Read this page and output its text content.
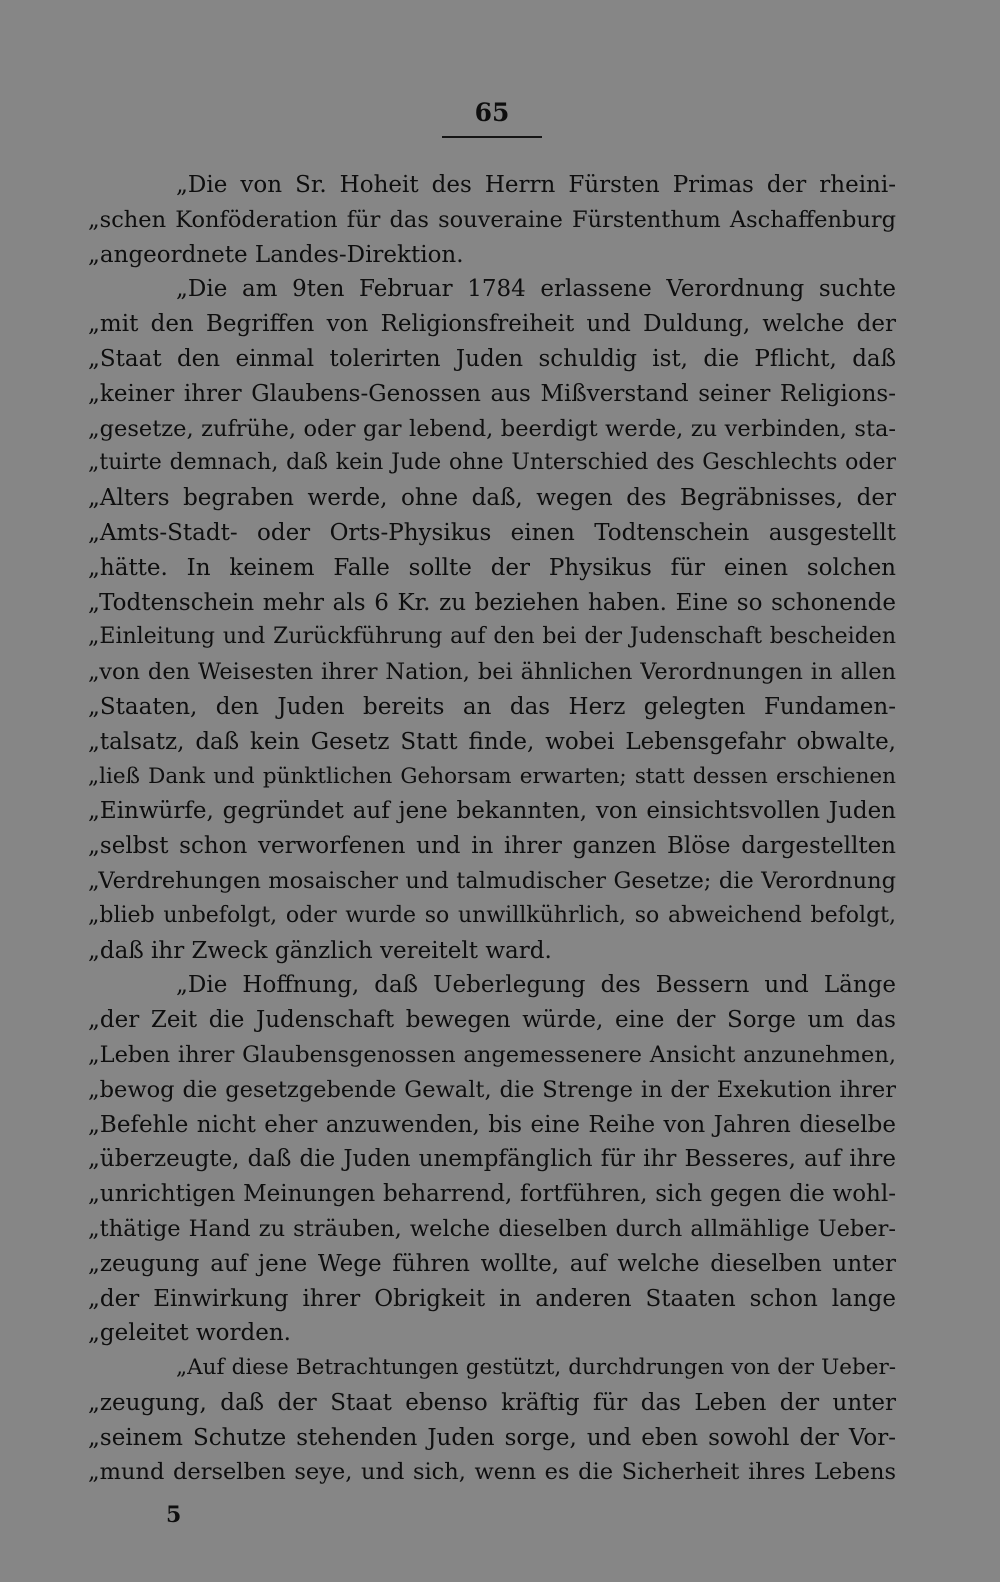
65
„Die von Sr. Hoheit des Herrn Fürsten Primas der rheini-
„schen Konföderation für das souveraine Fürstenthum Aschaffenburg
„angeordnete Landes-Direktion.
„Die am 9ten Februar 1784 erlassene Verordnung suchte
„mit den Begriffen von Religionsfreiheit und Duldung, welche der
„Staat den einmal tolerirten Juden schuldig ist, die Pflicht, daß
„keiner ihrer Glaubens-Genossen aus Mißverstand seiner Religions-
„gesetze, zufrühe, oder gar lebend, beerdigt werde, zu verbinden, sta-
„tuirte demnach, daß kein Jude ohne Unterschied des Geschlechts oder
„Alters begraben werde, ohne daß, wegen des Begräbnisses, der
„Amts-Stadt- oder Orts-Physikus einen Todtenschein ausgestellt
„hätte. In keinem Falle sollte der Physikus für einen solchen
„Todtenschein mehr als 6 Kr. zu beziehen haben. Eine so schonende
„Einleitung und Zurückführung auf den bei der Judenschaft bescheiden
„von den Weisesten ihrer Nation, bei ähnlichen Verordnungen in allen
„Staaten, den Juden bereits an das Herz gelegten Fundamen-
„talsatz, daß kein Gesetz Statt finde, wobei Lebensgefahr obwalte,
„ließ Dank und pünktlichen Gehorsam erwarten; statt dessen erschienen
„Einwürfe, gegründet auf jene bekannten, von einsichtsvollen Juden
„selbst schon verworfenen und in ihrer ganzen Blöse dargestellten
„Verdrehungen mosaischer und talmudischer Gesetze; die Verordnung
„blieb unbefolgt, oder wurde so unwillkührlich, so abweichend befolgt,
„daß ihr Zweck gänzlich vereitelt ward.
„Die Hoffnung, daß Ueberlegung des Bessern und Länge
„der Zeit die Judenschaft bewegen würde, eine der Sorge um das
„Leben ihrer Glaubensgenossen angemessenere Ansicht anzunehmen,
„bewog die gesetzgebende Gewalt, die Strenge in der Exekution ihrer
„Befehle nicht eher anzuwenden, bis eine Reihe von Jahren dieselbe
„überzeugte, daß die Juden unempfänglich für ihr Besseres, auf ihre
„unrichtigen Meinungen beharrend, fortführen, sich gegen die wohl-
„thätige Hand zu sträuben, welche dieselben durch allmählige Ueber-
„zeugung auf jene Wege führen wollte, auf welche dieselben unter
„der Einwirkung ihrer Obrigkeit in anderen Staaten schon lange
„geleitet worden.
„Auf diese Betrachtungen gestützt, durchdrungen von der Ueber-
„zeugung, daß der Staat ebenso kräftig für das Leben der unter
„seinem Schutze stehenden Juden sorge, und eben sowohl der Vor-
„mund derselben seye, und sich, wenn es die Sicherheit ihres Lebens
5
